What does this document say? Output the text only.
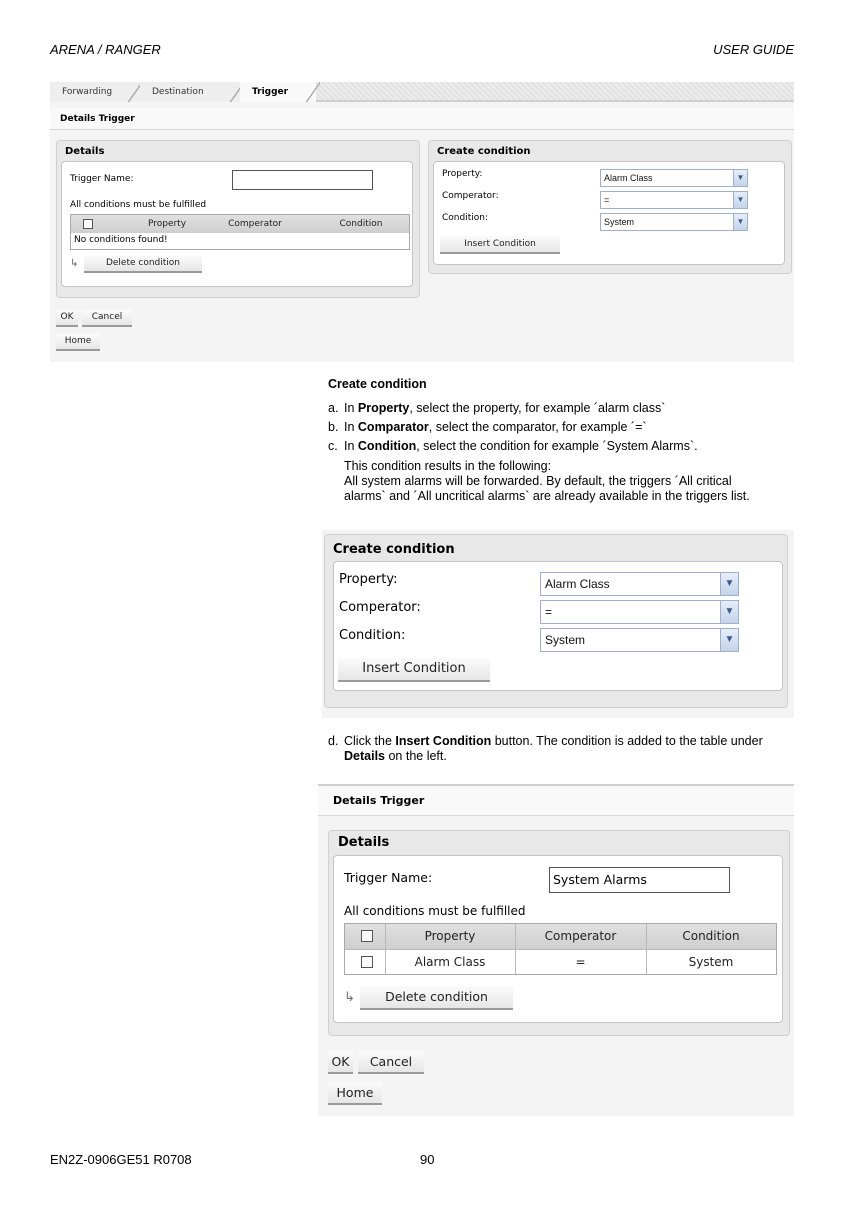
ARENA / RANGER	USER GUIDE
Forwarding	Destination	Trigger
Details Trigger
Details
Trigger Name:
All conditions must be fulfilled
Property	Comperator	Condition
No conditions found!
↳	Delete condition
Create condition
Property:	Alarm Class	▼
Comperator:	=	▼
Condition:	System	▼
Insert Condition
OK	Cancel
Home
Create condition
a. In Property, select the property, for example ´alarm class`
b. In Comparator, select the comparator, for example ´=`
c. In Condition, select the condition for example ´System Alarms`.
This condition results in the following:
All system alarms will be forwarded. By default, the triggers ´All critical
alarms` and ´All uncritical alarms` are already available in the triggers list.
Create condition
Property:	Alarm Class	▼
Comperator:	=	▼
Condition:	System	▼
Insert Condition
d. Click the Insert Condition button. The condition is added to the table under
Details on the left.
Details Trigger
Details
Trigger Name:	System Alarms
All conditions must be fulfilled
Property	Comperator	Condition
Alarm Class	=	System
↳	Delete condition
OK	Cancel
Home
EN2Z-0906GE51 R0708	90
